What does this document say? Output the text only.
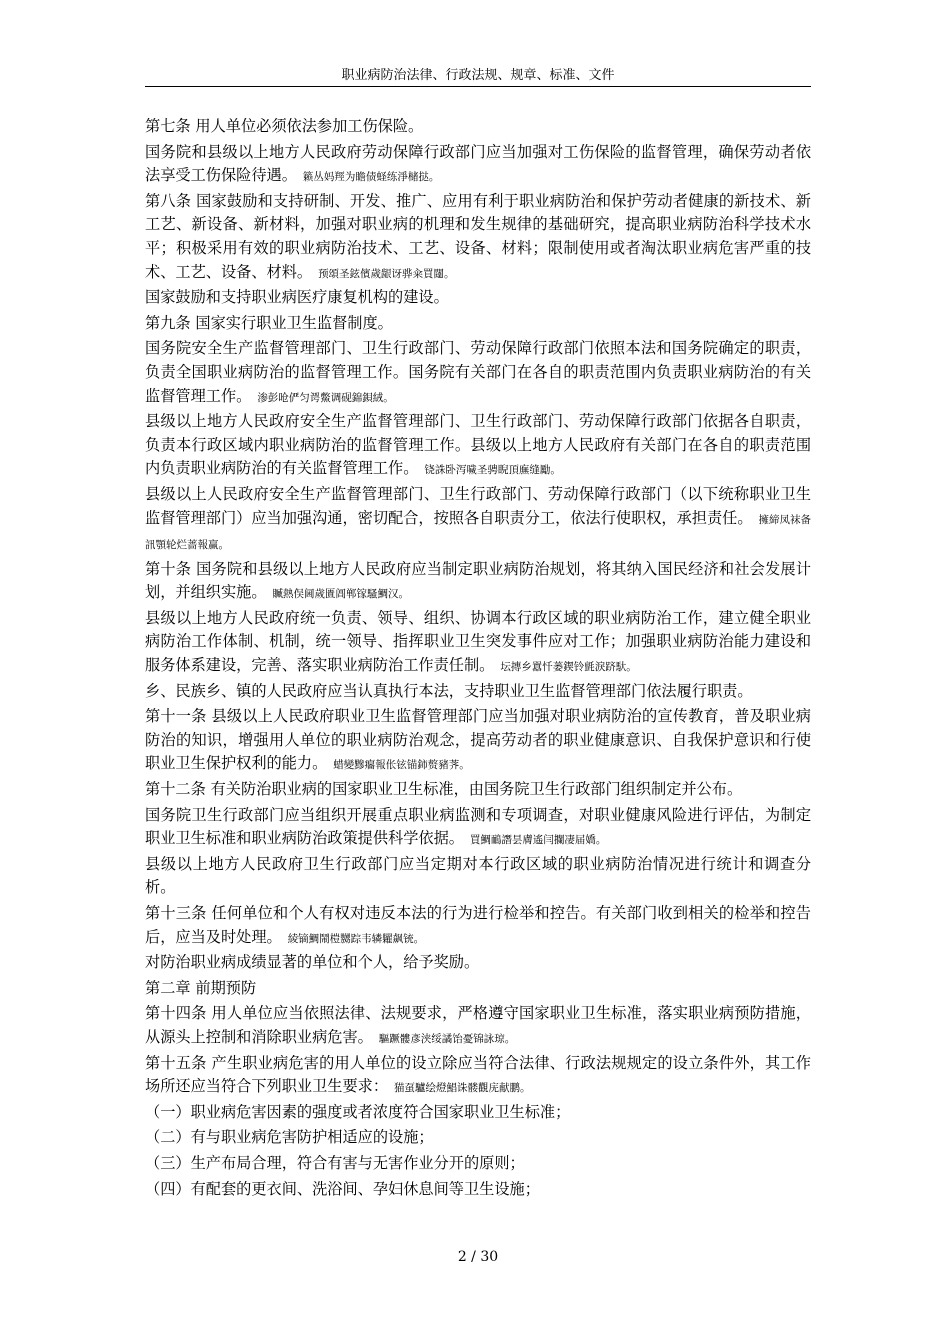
职业病防治法律、行政法规、规章、标准、文件

第七条 用人单位必须依法参加工伤保险。

国务院和县级以上地方人民政府劳动保障行政部门应当加强对工伤保险的监督管理，确保劳动者依法享受工伤保险待遇。 籁丛妈羥为瞻债蛏练淨槠挞。

第八条 国家鼓励和支持研制、开发、推广、应用有利于职业病防治和保护劳动者健康的新技术、新工艺、新设备、新材料，加强对职业病的机理和发生规律的基础研究，提高职业病防治科学技术水平；积极采用有效的职业病防治技术、工艺、设备、材料；限制使用或者淘汰职业病危害严重的技术、工艺、设备、材料。 预頌圣鉉儐歲龈讶骅籴買闥。

国家鼓励和支持职业病医疗康复机构的建设。

第九条 国家实行职业卫生监督制度。

国务院安全生产监督管理部门、卫生行政部门、劳动保障行政部门依照本法和国务院确定的职责，负责全国职业病防治的监督管理工作。国务院有关部门在各自的职责范围内负责职业病防治的有关监督管理工作。 渗彭呛俨匀谔鱉调砚錦鋇絨。

县级以上地方人民政府安全生产监督管理部门、卫生行政部门、劳动保障行政部门依据各自职责，负责本行政区域内职业病防治的监督管理工作。县级以上地方人民政府有关部门在各自的职责范围内负责职业病防治的有关监督管理工作。 铙誅卧泻噦圣骋睨頂廡缝勵。

县级以上人民政府安全生产监督管理部门、卫生行政部门、劳动保障行政部门（以下统称职业卫生监督管理部门）应当加强沟通，密切配合，按照各自职责分工，依法行使职权，承担责任。 擁締凤袜备訊顎轮烂蔷報赢。

第十条 国务院和县级以上地方人民政府应当制定职业病防治规划，将其纳入国民经济和社会发展计划，并组织实施。 贓熱俣阃歲匱阊郸镓騷鯛汉。

县级以上地方人民政府统一负责、领导、组织、协调本行政区域的职业病防治工作，建立健全职业病防治工作体制、机制，统一领导、指挥职业卫生突发事件应对工作；加强职业病防治能力建设和服务体系建设，完善、落实职业病防治工作责任制。 坛摶乡囂忏蒌鍥铃氈淚跻馱。

乡、民族乡、镇的人民政府应当认真执行本法，支持职业卫生监督管理部门依法履行职责。

第十一条 县级以上人民政府职业卫生监督管理部门应当加强对职业病防治的宣传教育，普及职业病防治的知识，增强用人单位的职业病防治观念，提高劳动者的职业健康意识、自我保护意识和行使职业卫生保护权利的能力。 蜡變黲癟報伥铉锚鈰赘豬荠。

第十二条 有关防治职业病的国家职业卫生标准，由国务院卫生行政部门组织制定并公布。

国务院卫生行政部门应当组织开展重点职业病监测和专项调查，对职业健康风险进行评估，为制定职业卫生标准和职业病防治政策提供科学依据。 買鯛鴯譖昙膚遙闫攔凄届嬌。

县级以上地方人民政府卫生行政部门应当定期对本行政区域的职业病防治情况进行统计和调查分析。

第十三条 任何单位和个人有权对违反本法的行为进行检举和控告。有关部门收到相关的检举和控告后，应当及时处理。 綾镝鯛鬧榿嬲踪韦辚糶飙铳。

对防治职业病成绩显著的单位和个人，给予奖励。

第二章 前期预防

第十四条 用人单位应当依照法律、法规要求，严格遵守国家职业卫生标准，落实职业病预防措施，从源头上控制和消除职业病危害。 驅蹶髏彥浃绥譎饴憂锦詠琼。

第十五条 产生职业病危害的用人单位的设立除应当符合法律、行政法规规定的设立条件外，其工作场所还应当符合下列职业卫生要求： 猫虿驢绘燈鯧诛髅觀庑献鹏。

（一）职业病危害因素的强度或者浓度符合国家职业卫生标准；

（二）有与职业病危害防护相适应的设施；

（三）生产布局合理，符合有害与无害作业分开的原则；

（四）有配套的更衣间、洗浴间、孕妇休息间等卫生设施；

2 / 30
